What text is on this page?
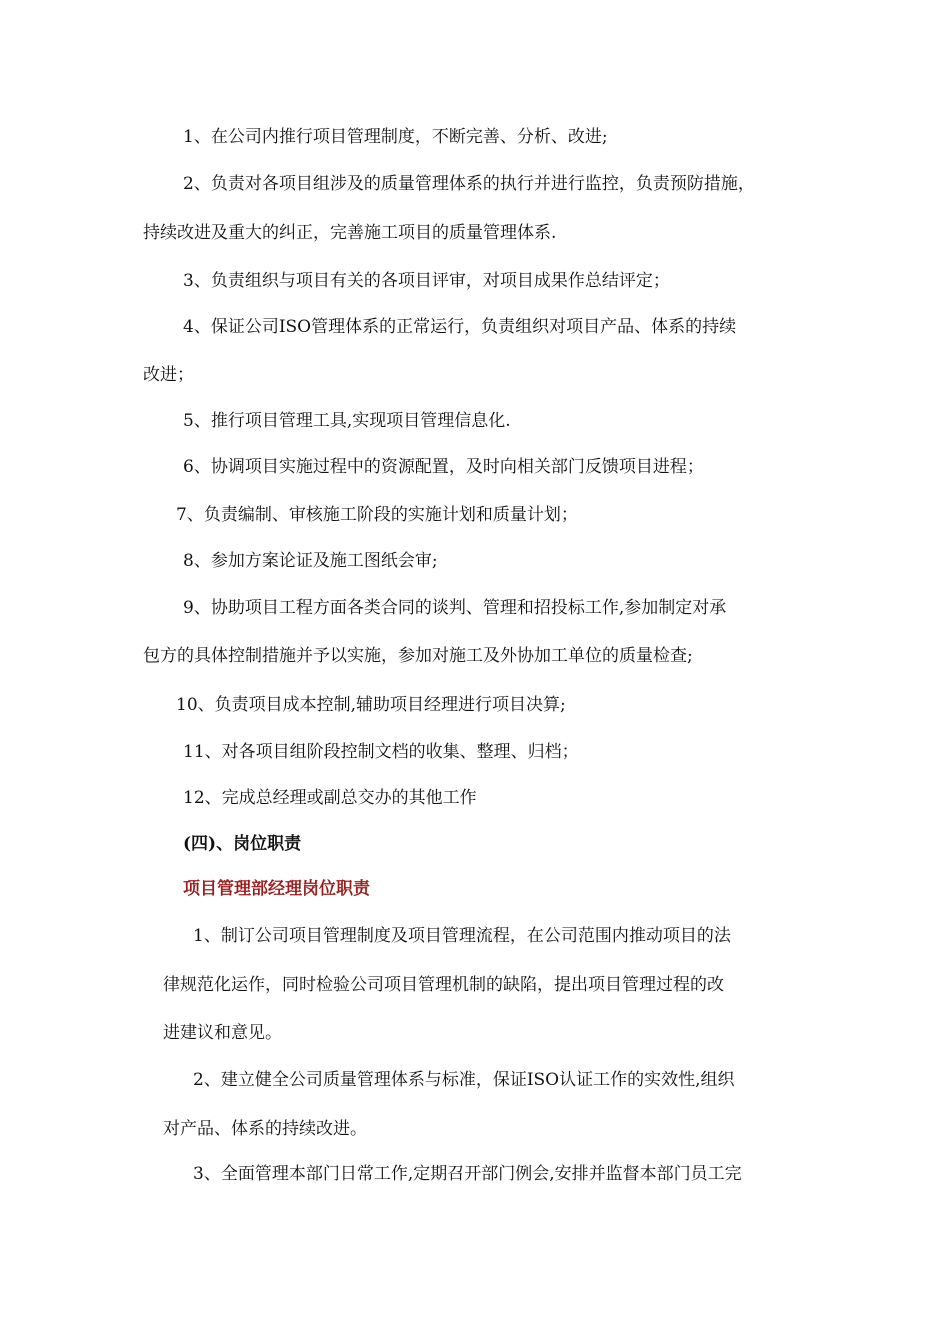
1、在公司内推行项目管理制度，不断完善、分析、改进;
2、负责对各项目组涉及的质量管理体系的执行并进行监控，负责预防措施，
持续改进及重大的纠正，完善施工项目的质量管理体系.
3、负责组织与项目有关的各项目评审，对项目成果作总结评定；
4、保证公司ISO管理体系的正常运行，负责组织对项目产品、体系的持续
改进；
5、推行项目管理工具,实现项目管理信息化.
6、协调项目实施过程中的资源配置，及时向相关部门反馈项目进程；
7、负责编制、审核施工阶段的实施计划和质量计划；
8、参加方案论证及施工图纸会审;
9、协助项目工程方面各类合同的谈判、管理和招投标工作,参加制定对承
包方的具体控制措施并予以实施，参加对施工及外协加工单位的质量检查;
10、负责项目成本控制,辅助项目经理进行项目决算;
11、对各项目组阶段控制文档的收集、整理、归档；
12、完成总经理或副总交办的其他工作
(四)、岗位职责
项目管理部经理岗位职责
1、制订公司项目管理制度及项目管理流程，在公司范围内推动项目的法
律规范化运作，同时检验公司项目管理机制的缺陷，提出项目管理过程的改
进建议和意见。
2、建立健全公司质量管理体系与标准，保证ISO认证工作的实效性,组织
对产品、体系的持续改进。
3、全面管理本部门日常工作,定期召开部门例会,安排并监督本部门员工完
